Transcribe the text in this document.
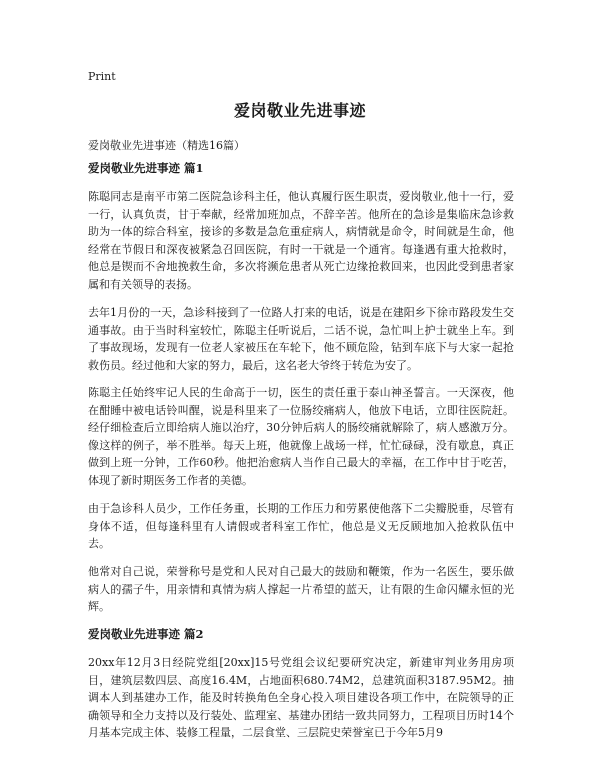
Print
爱岗敬业先进事迹

爱岗敬业先进事迹（精选16篇）

爱岗敬业先进事迹 篇1

陈聪同志是南平市第二医院急诊科主任，他认真履行医生职责，爱岗敬业,他十一行，爱一行，认真负责，甘于奉献，经常加班加点，不辞辛苦。他所在的急诊是集临床急诊救助为一体的综合科室，接诊的多数是急危重症病人，病情就是命令，时间就是生命，他经常在节假日和深夜被紧急召回医院，有时一干就是一个通宵。每逢遇有重大抢救时，他总是锲而不舍地挽救生命，多次将濒危患者从死亡边缘抢救回来，也因此受到患者家属和有关领导的表扬。

去年1月份的一天，急诊科接到了一位路人打来的电话，说是在建阳乡下徐市路段发生交通事故。由于当时科室较忙，陈聪主任听说后，二话不说，急忙叫上护士就坐上车。到了事故现场，发现有一位老人家被压在车轮下，他不顾危险，钻到车底下与大家一起抢救伤员。经过他和大家的努力，最后，这名老大爷终于转危为安了。

陈聪主任始终牢记人民的生命高于一切，医生的责任重于泰山神圣誓言。一天深夜，他在酣睡中被电话铃叫醒，说是科里来了一位肠绞痛病人，他放下电话，立即往医院赶。经仔细检查后立即给病人施以治疗，30分钟后病人的肠绞痛就解除了，病人感激万分。像这样的例子，举不胜举。每天上班，他就像上战场一样，忙忙碌碌，没有歇息，真正做到上班一分钟，工作60秒。他把治愈病人当作自己最大的幸福，在工作中甘于吃苦，体现了新时期医务工作者的美德。

由于急诊科人员少，工作任务重，长期的工作压力和劳累使他落下二尖瓣脱垂，尽管有身体不适，但每逢科里有人请假或者科室工作忙，他总是义无反顾地加入抢救队伍中去。

他常对自己说，荣誉称号是党和人民对自己最大的鼓励和鞭策，作为一名医生，要乐做病人的孺子牛，用亲情和真情为病人撑起一片希望的蓝天，让有限的生命闪耀永恒的光辉。

爱岗敬业先进事迹 篇2

20xx年12月3日经院党组[20xx]15号党组会议纪要研究决定，新建审判业务用房项目，建筑层数四层、高度16.4M，占地面积680.74M2，总建筑面积3187.95M2。抽调本人到基建办工作，能及时转换角色全身心投入项目建设各项工作中，在院领导的正确领导和全力支持以及行装处、监理室、基建办团结一致共同努力，工程项目历时14个月基本完成主体、装修工程量，二层食堂、三层院史荣誉室已于今年5月9
